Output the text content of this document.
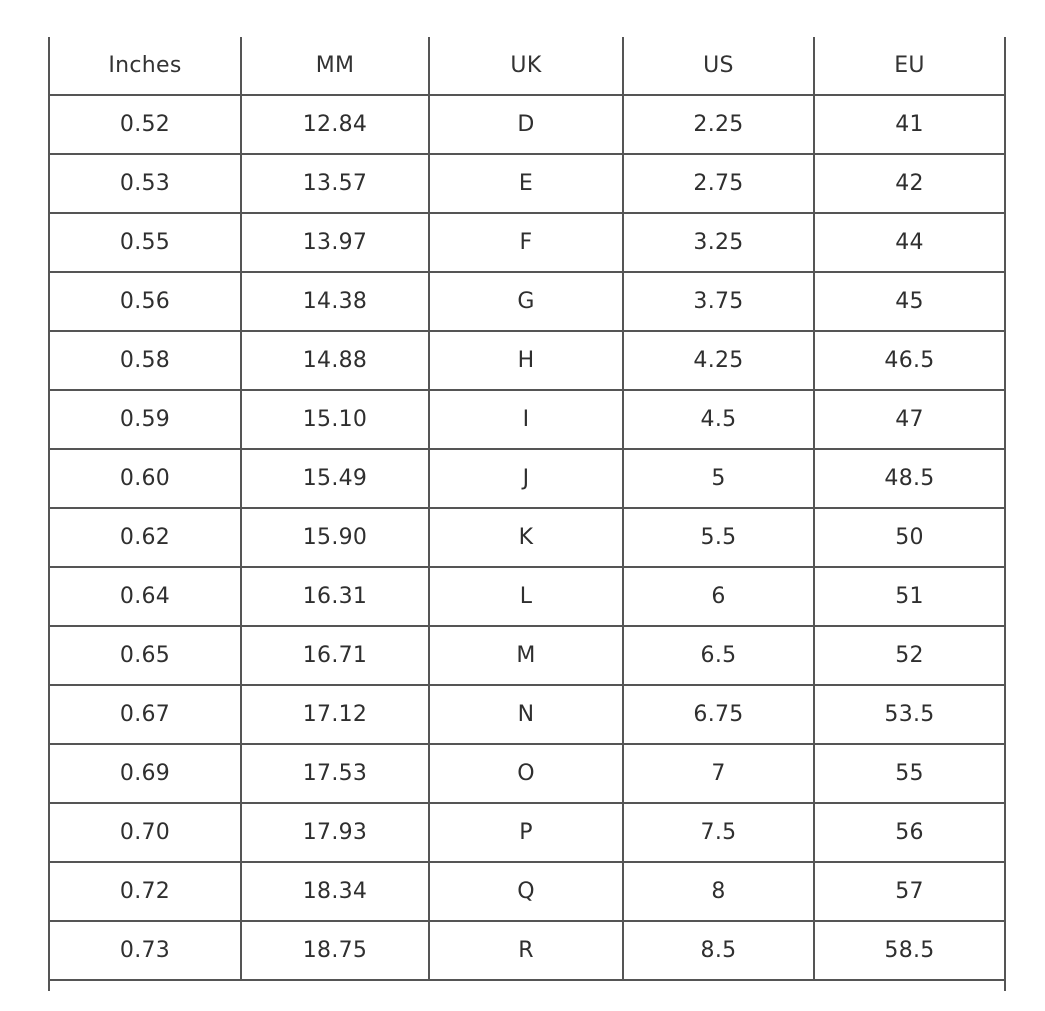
Inches	MM	UK	US	EU
0.52	12.84	D	2.25	41
0.53	13.57	E	2.75	42
0.55	13.97	F	3.25	44
0.56	14.38	G	3.75	45
0.58	14.88	H	4.25	46.5
0.59	15.10	I	4.5	47
0.60	15.49	J	5	48.5
0.62	15.90	K	5.5	50
0.64	16.31	L	6	51
0.65	16.71	M	6.5	52
0.67	17.12	N	6.75	53.5
0.69	17.53	O	7	55
0.70	17.93	P	7.5	56
0.72	18.34	Q	8	57
0.73	18.75	R	8.5	58.5
